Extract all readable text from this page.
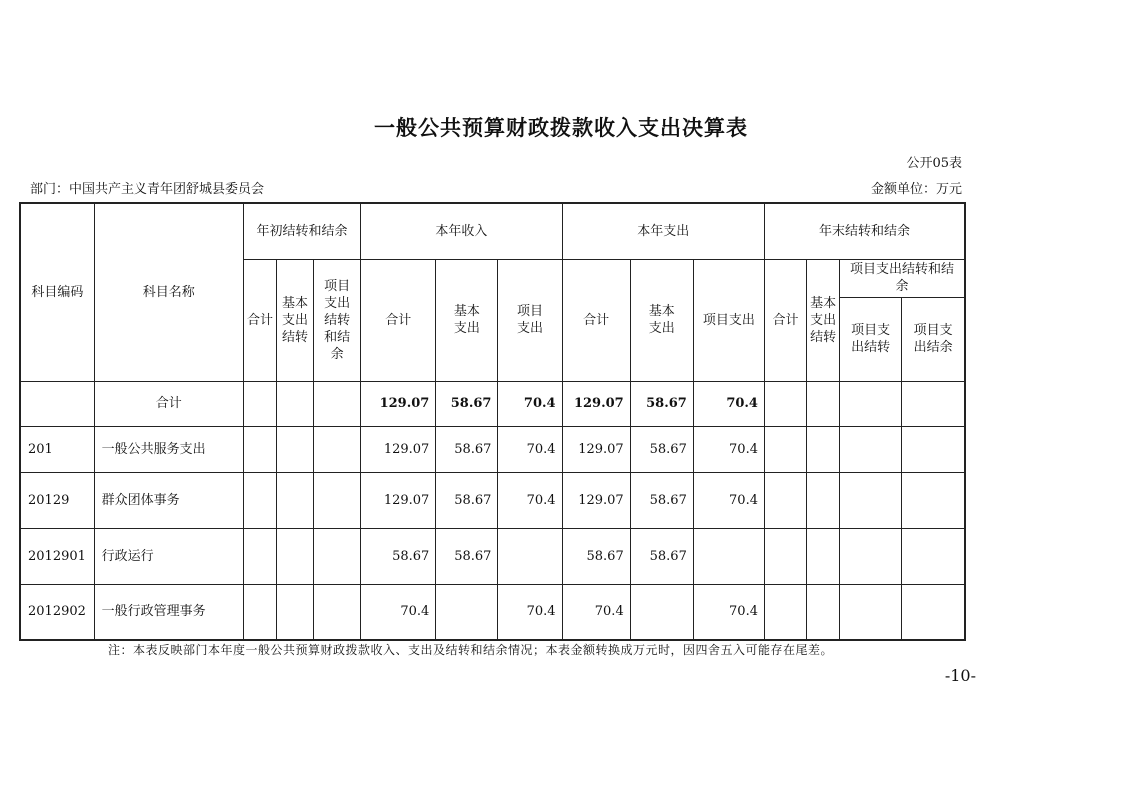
一般公共预算财政拨款收入支出决算表
公开05表
部门：中国共产主义青年团舒城县委员会	金额单位：万元
科目编码	科目名称	年初结转和结余			本年收入			本年支出			年末结转和结余			
		合计	基本支出结转	项目支出结转和结余	合计	基本支出	项目支出	合计	基本支出	项目支出	合计	基本支出结转	项目支出结转和结余	
													项目支出结转	项目支出结余
	合计				129.07	58.67	70.4	129.07	58.67	70.4				
201	一般公共服务支出				129.07	58.67	70.4	129.07	58.67	70.4				
20129	群众团体事务				129.07	58.67	70.4	129.07	58.67	70.4				
2012901	行政运行				58.67	58.67		58.67	58.67					
2012902	一般行政管理事务				70.4		70.4	70.4		70.4				
注：本表反映部门本年度一般公共预算财政拨款收入、支出及结转和结余情况；本表金额转换成万元时，因四舍五入可能存在尾差。
-10-
